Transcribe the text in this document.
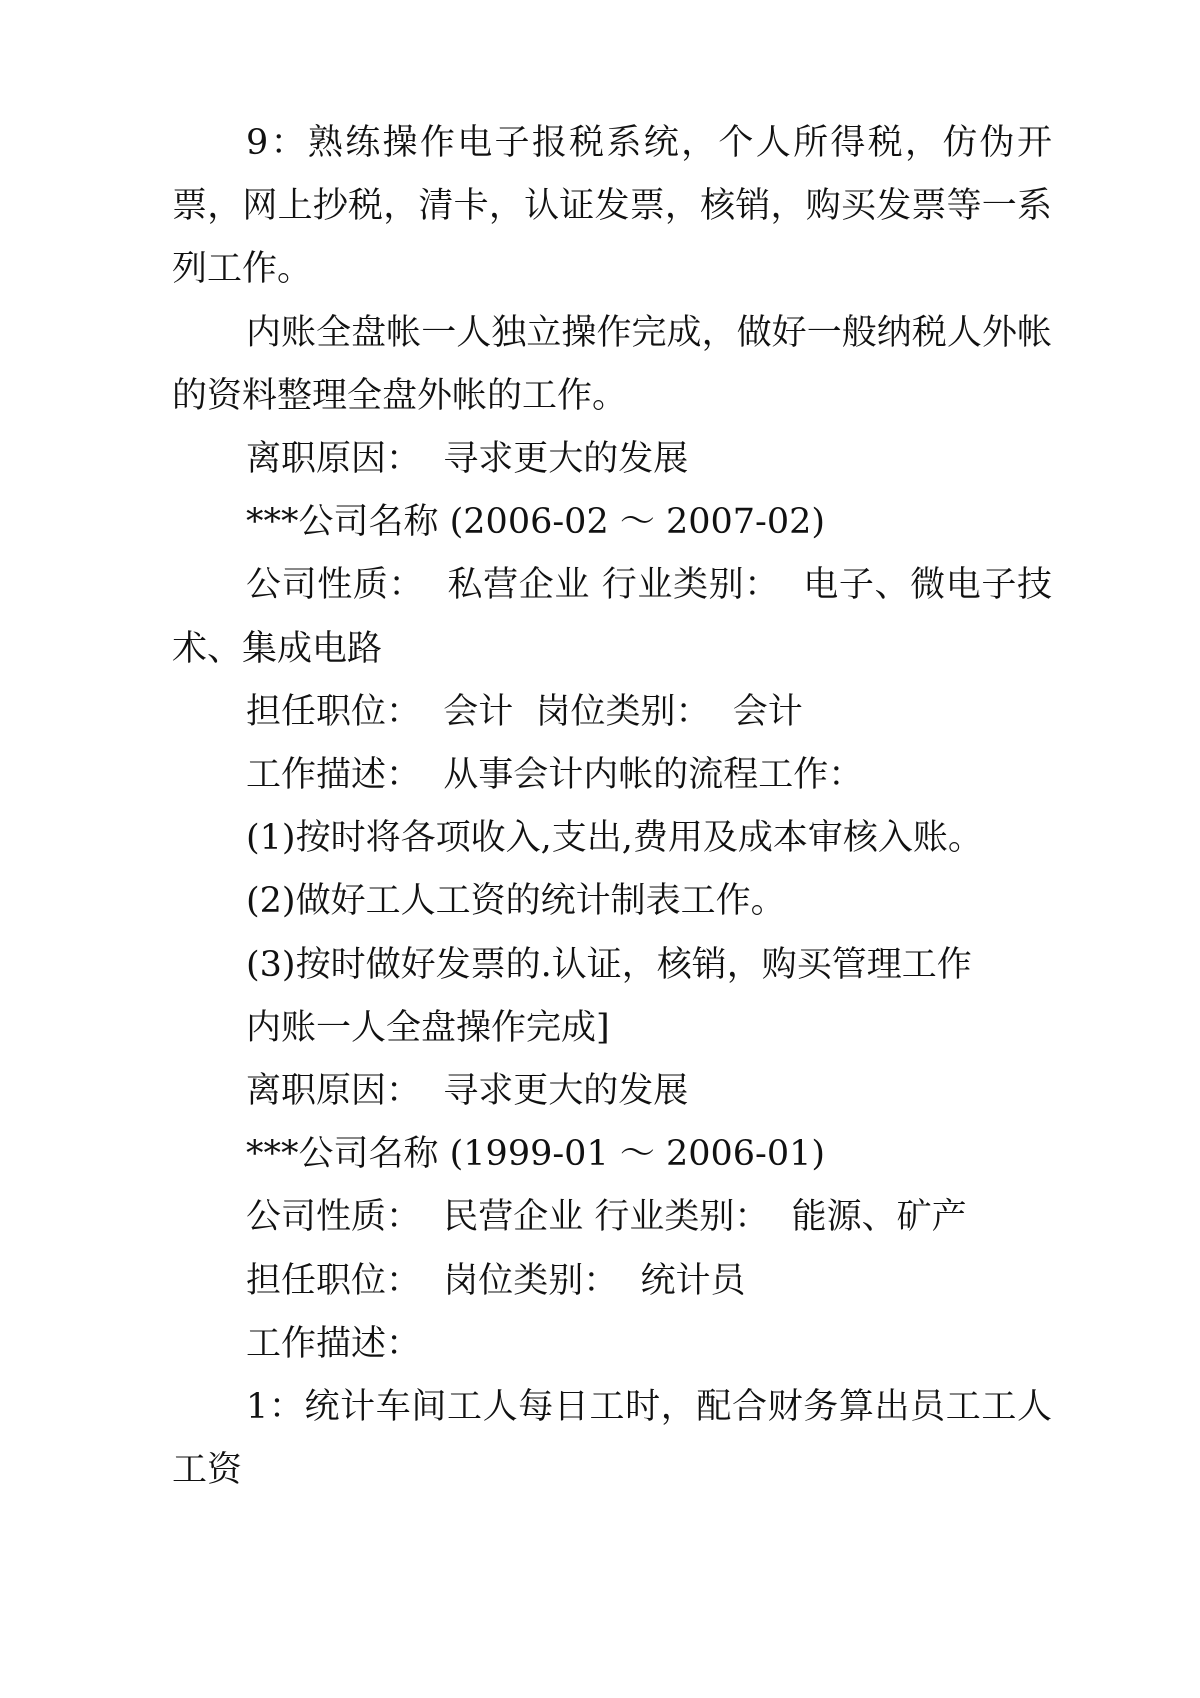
9：熟练操作电子报税系统，个人所得税，仿伪开票，网上抄税，清卡，认证发票，核销，购买发票等一系列工作。

内账全盘帐一人独立操作完成，做好一般纳税人外帐的资料整理全盘外帐的工作。

离职原因：  寻求更大的发展

***公司名称 (2006-02 ～ 2007-02)

公司性质：  私营企业 行业类别：  电子、微电子技术、集成电路

担任职位：  会计  岗位类别：  会计

工作描述：  从事会计内帐的流程工作：

(1)按时将各项收入,支出,费用及成本审核入账。

(2)做好工人工资的统计制表工作。

(3)按时做好发票的.认证，核销，购买管理工作

内账一人全盘操作完成]

离职原因：  寻求更大的发展

***公司名称 (1999-01 ～ 2006-01)

公司性质：  民营企业 行业类别：  能源、矿产

担任职位：  岗位类别：  统计员

工作描述：

1：统计车间工人每日工时，配合财务算出员工工人工资
